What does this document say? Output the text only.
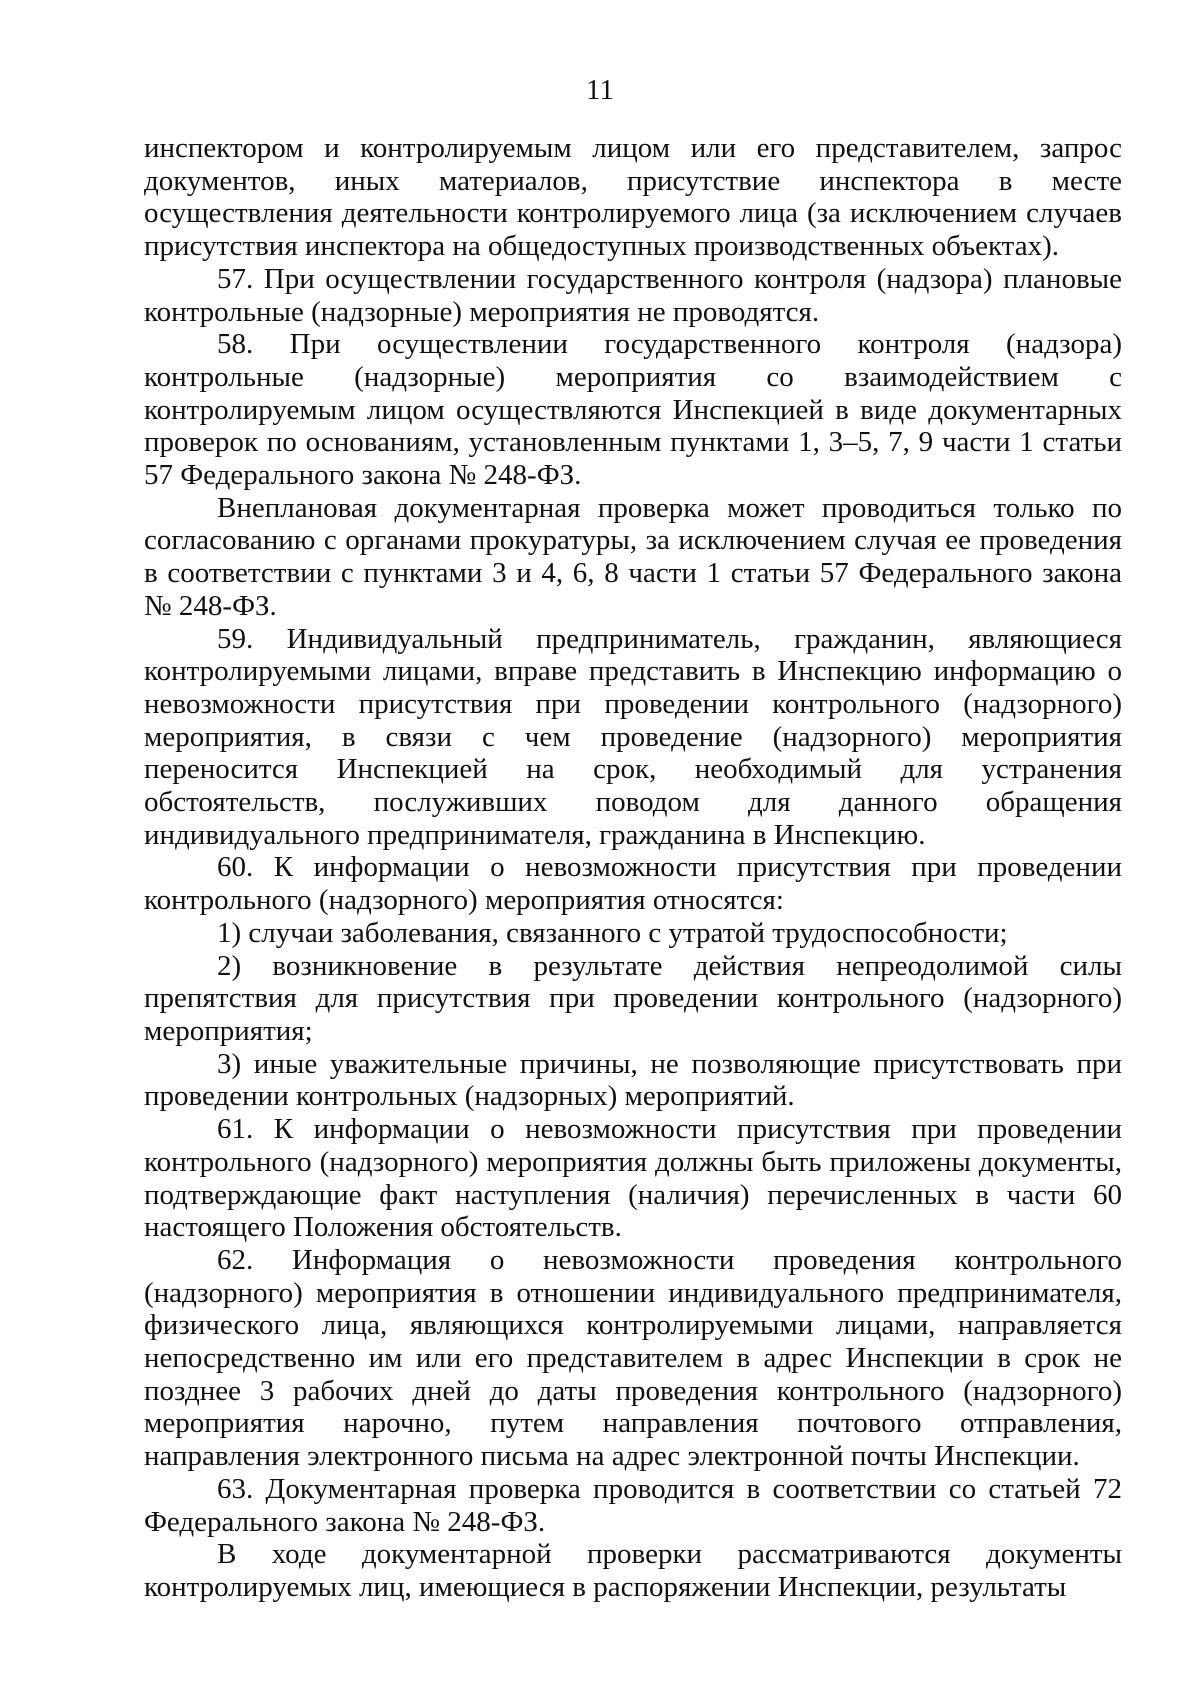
11

инспектором и контролируемым лицом или его представителем, запрос документов, иных материалов, присутствие инспектора в месте осуществления деятельности контролируемого лица (за исключением случаев присутствия инспектора на общедоступных производственных объектах).

57. При осуществлении государственного контроля (надзора) плановые контрольные (надзорные) мероприятия не проводятся.

58. При осуществлении государственного контроля (надзора) контрольные (надзорные) мероприятия со взаимодействием с контролируемым лицом осуществляются Инспекцией в виде документарных проверок по основаниям, установленным пунктами 1, 3–5, 7, 9 части 1 статьи 57 Федерального закона № 248-ФЗ.

Внеплановая документарная проверка может проводиться только по согласованию с органами прокуратуры, за исключением случая ее проведения в соответствии с пунктами 3 и 4, 6, 8 части 1 статьи 57 Федерального закона № 248-ФЗ.

59. Индивидуальный предприниматель, гражданин, являющиеся контролируемыми лицами, вправе представить в Инспекцию информацию о невозможности присутствия при проведении контрольного (надзорного) мероприятия, в связи с чем проведение (надзорного) мероприятия переносится Инспекцией на срок, необходимый для устранения обстоятельств, послуживших поводом для данного обращения индивидуального предпринимателя, гражданина в Инспекцию.

60. К информации о невозможности присутствия при проведении контрольного (надзорного) мероприятия относятся:

1) случаи заболевания, связанного с утратой трудоспособности;

2) возникновение в результате действия непреодолимой силы препятствия для присутствия при проведении контрольного (надзорного) мероприятия;

3) иные уважительные причины, не позволяющие присутствовать при проведении контрольных (надзорных) мероприятий.

61. К информации о невозможности присутствия при проведении контрольного (надзорного) мероприятия должны быть приложены документы, подтверждающие факт наступления (наличия) перечисленных в части 60 настоящего Положения обстоятельств.

62. Информация о невозможности проведения контрольного (надзорного) мероприятия в отношении индивидуального предпринимателя, физического лица, являющихся контролируемыми лицами, направляется непосредственно им или его представителем в адрес Инспекции в срок не позднее 3 рабочих дней до даты проведения контрольного (надзорного) мероприятия нарочно, путем направления почтового отправления, направления электронного письма на адрес электронной почты Инспекции.

63. Документарная проверка проводится в соответствии со статьей 72 Федерального закона № 248-ФЗ.

В ходе документарной проверки рассматриваются документы контролируемых лиц, имеющиеся в распоряжении Инспекции, результаты
